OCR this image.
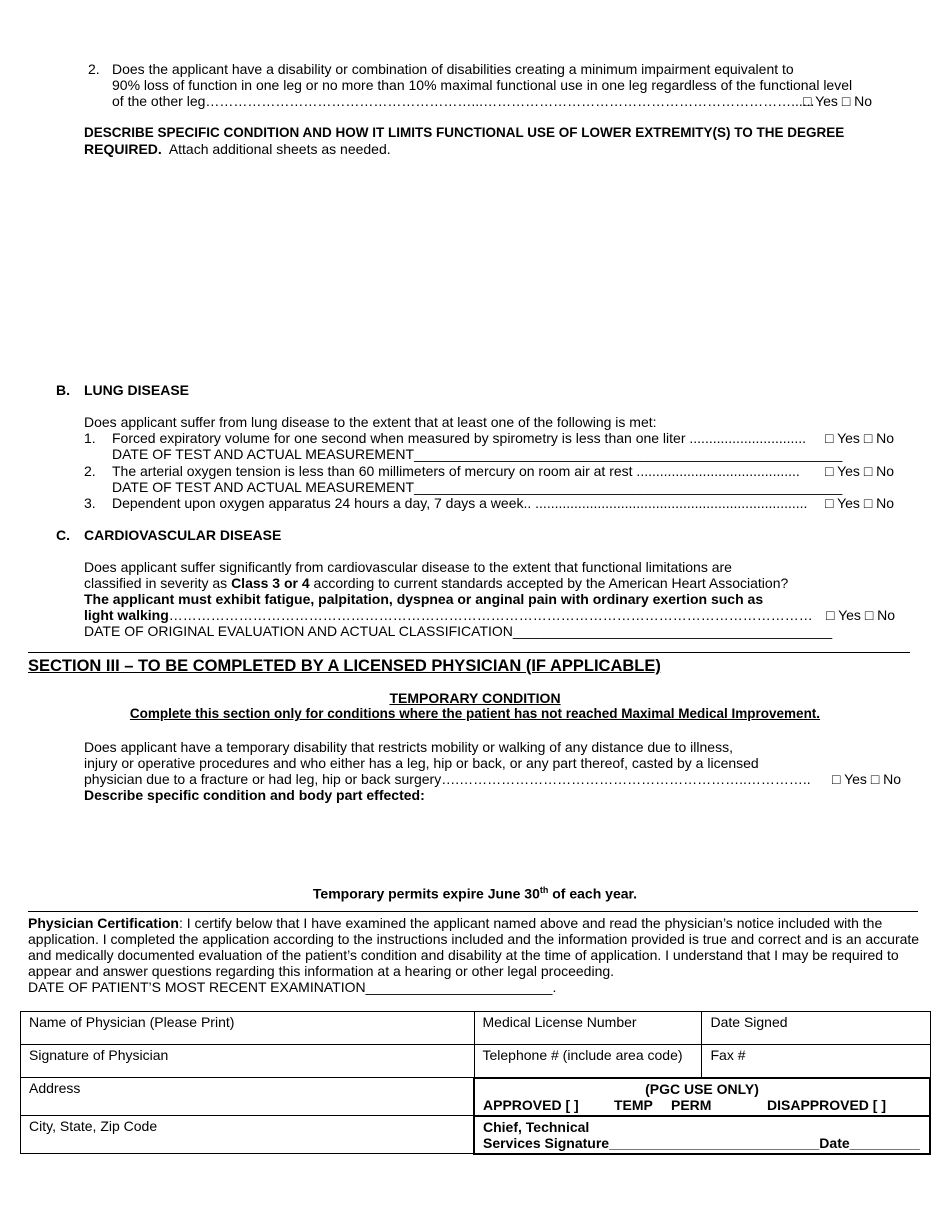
2. Does the applicant have a disability or combination of disabilities creating a minimum impairment equivalent to
90% loss of function in one leg or no more than 10% maximal functional use in one leg regardless of the functional level
of the other leg…………………………………………………...…………………………………………………………......
□ Yes □ No
DESCRIBE SPECIFIC CONDITION AND HOW IT LIMITS FUNCTIONAL USE OF LOWER EXTREMITY(S) TO THE DEGREE
REQUIRED. Attach additional sheets as needed.
B. LUNG DISEASE
Does applicant suffer from lung disease to the extent that at least one of the following is met:
1. Forced expiratory volume for one second when measured by spirometry is less than one liter .............................. □ Yes □ No
DATE OF TEST AND ACTUAL MEASUREMENT_______________________________________________________
2. The arterial oxygen tension is less than 60 millimeters of mercury on room air at rest .......................................... □ Yes □ No
DATE OF TEST AND ACTUAL MEASUREMENT_______________________________________________________
3. Dependent upon oxygen apparatus 24 hours a day, 7 days a week.. ...................................................................... □ Yes □ No
C. CARDIOVASCULAR DISEASE
Does applicant suffer significantly from cardiovascular disease to the extent that functional limitations are
classified in severity as Class 3 or 4 according to current standards accepted by the American Heart Association?
The applicant must exhibit fatigue, palpitation, dyspnea or anginal pain with ordinary exertion such as
light walking………………………………………………………………………………………………………………………… □ Yes □ No
DATE OF ORIGINAL EVALUATION AND ACTUAL CLASSIFICATION_________________________________________
SECTION III – TO BE COMPLETED BY A LICENSED PHYSICIAN (IF APPLICABLE)
TEMPORARY CONDITION
Complete this section only for conditions where the patient has not reached Maximal Medical Improvement.
Does applicant have a temporary disability that restricts mobility or walking of any distance due to illness,
injury or operative procedures and who either has a leg, hip or back, or any part thereof, casted by a licensed
physician due to a fracture or had leg, hip or back surgery….……………………………………………………..…………..	□ Yes □ No
Describe specific condition and body part effected:
Temporary permits expire June 30th of each year.
Physician Certification: I certify below that I have examined the applicant named above and read the physician’s notice included with the
application. I completed the application according to the instructions included and the information provided is true and correct and is an accurate
and medically documented evaluation of the patient’s condition and disability at the time of application. I understand that I may be required to
appear and answer questions regarding this information at a hearing or other legal proceeding.
DATE OF PATIENT’S MOST RECENT EXAMINATION________________________.
Name of Physician (Please Print)	Medical License Number	Date Signed
Signature of Physician	Telephone # (include area code)	Fax #
Address	(PGC USE ONLY)
APPROVED [ ] TEMP PERM DISAPPROVED [ ]	

City, State, Zip Code	Chief, Technical
Services Signature___________________________Date_________	
